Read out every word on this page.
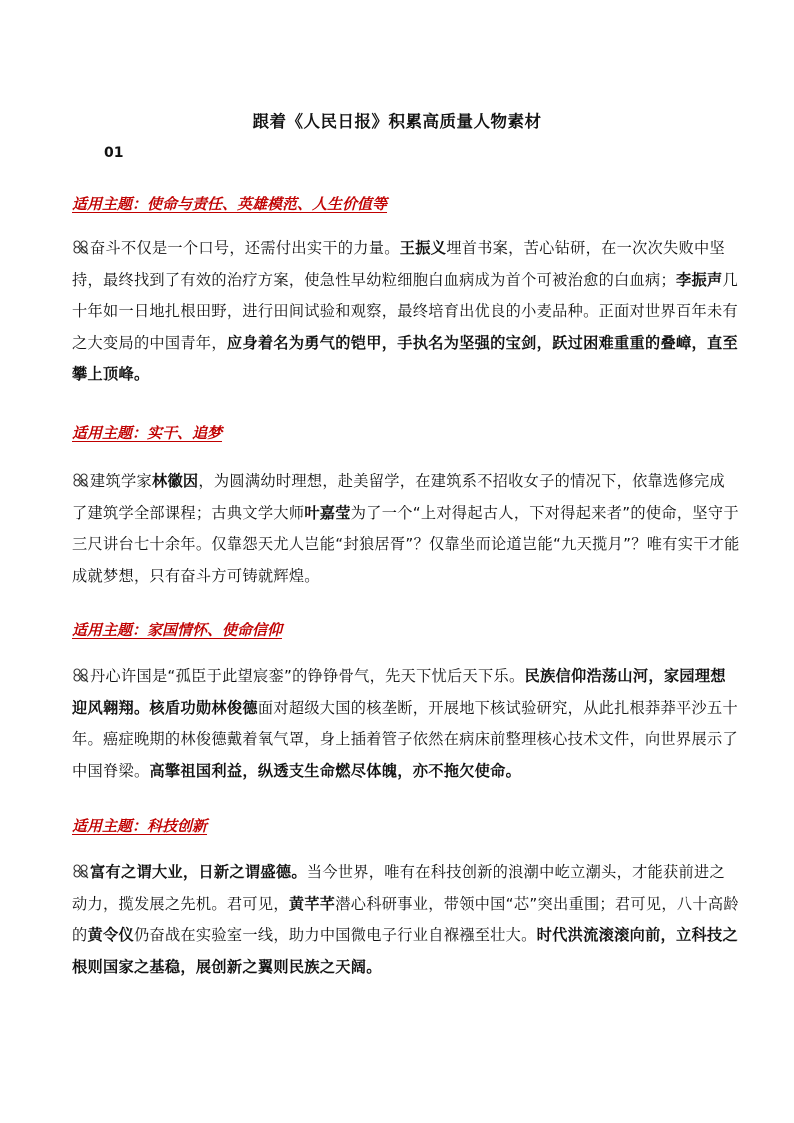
跟着《人民日报》积累高质量人物素材
01
适用主题：使命与责任、英雄模范、人生价值等
奋斗不仅是一个口号，还需付出实干的力量。王振义埋首书案，苦心钻研，在一次次失败中坚持，最终找到了有效的治疗方案，使急性早幼粒细胞白血病成为首个可被治愈的白血病；李振声几十年如一日地扎根田野，进行田间试验和观察，最终培育出优良的小麦品种。正面对世界百年未有之大变局的中国青年，应身着名为勇气的铠甲，手执名为坚强的宝剑，跃过困难重重的叠嶂，直至攀上顶峰。
适用主题：实干、追梦
建筑学家林徽因，为圆满幼时理想，赴美留学，在建筑系不招收女子的情况下，依靠选修完成了建筑学全部课程；古典文学大师叶嘉莹为了一个“上对得起古人，下对得起来者”的使命，坚守于三尺讲台七十余年。仅靠怨天尤人岂能“封狼居胥”？仅靠坐而论道岂能“九天揽月”？唯有实干才能成就梦想，只有奋斗方可铸就辉煌。
适用主题：家国情怀、使命信仰
丹心许国是“孤臣于此望宸銮”的铮铮骨气，先天下忧后天下乐。民族信仰浩荡山河，家园理想迎风翱翔。核盾功勋林俊德面对超级大国的核垄断，开展地下核试验研究，从此扎根莽莽平沙五十年。癌症晚期的林俊德戴着氧气罩，身上插着管子依然在病床前整理核心技术文件，向世界展示了中国脊梁。高擎祖国利益，纵透支生命燃尽体魄，亦不拖欠使命。
适用主题：科技创新
富有之谓大业，日新之谓盛德。当今世界，唯有在科技创新的浪潮中屹立潮头，才能获前进之动力，揽发展之先机。君可见，黄芊芊潜心科研事业，带领中国“芯”突出重围；君可见，八十高龄的黄令仪仍奋战在实验室一线，助力中国微电子行业自褓襁至壮大。时代洪流滚滚向前，立科技之根则国家之基稳，展创新之翼则民族之天阔。
